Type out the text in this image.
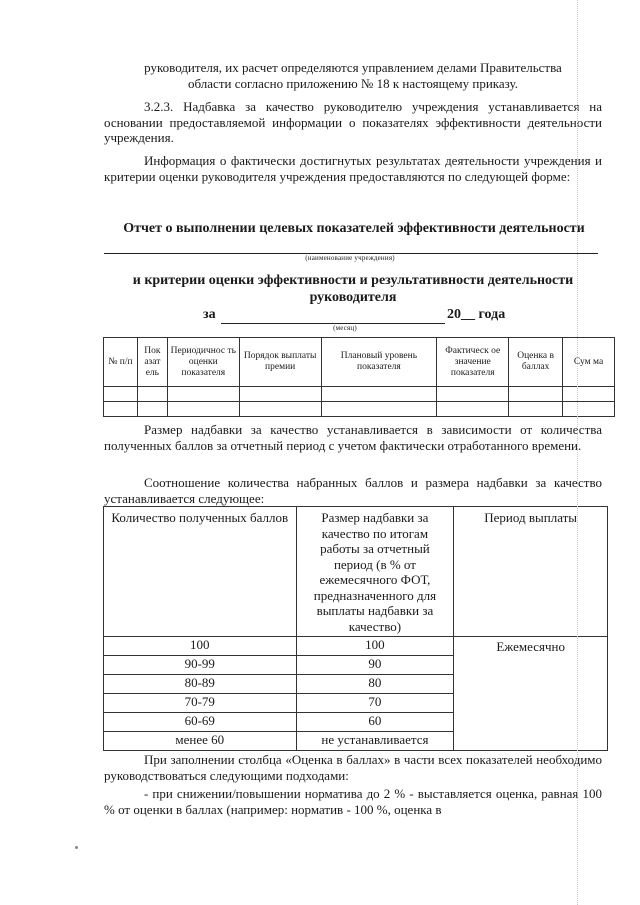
руководителя, их расчет определяются управлением делами Правительства

области согласно приложению № 18 к настоящему приказу.

3.2.3. Надбавка за качество руководителю учреждения устанавливается на основании предоставляемой информации о показателях эффективности деятельности учреждения.

Информация о фактически достигнутых результатах деятельности учреждения и критерии оценки руководителя учреждения предоставляются по следующей форме:

Отчет о выполнении целевых показателей эффективности деятельности

(наименование учреждения)

и критерии оценки эффективности и результативности деятельности

руководителя

за	20__ года
(месяц)
№ п/п	Пок азат ель	Периодичнос ть оценки показателя	Порядок выплаты премии	Плановый уровень показателя	Фактическ ое значение показателя	Оценка в баллах	Сум ма

Размер надбавки за качество устанавливается в зависимости от количества полученных баллов за отчетный период с учетом фактически отработанного времени.

Соотношение количества набранных баллов и размера надбавки за качество устанавливается следующее:

Количество полученных баллов	Размер надбавки за качество по итогам работы за отчетный период (в % от ежемесячного ФОТ, предназначенного для выплаты надбавки за качество)	Период выплаты
100	100	Ежемесячно
90-99	90	
80-89	80	
70-79	70	
60-69	60	
менее 60	не устанавливается	

При заполнении столбца «Оценка в баллах» в части всех показателей необходимо руководствоваться следующими подходами:

- при снижении/повышении норматива до 2 % - выставляется оценка, равная 100 % от оценки в баллах (например: норматив - 100 %, оценка в
